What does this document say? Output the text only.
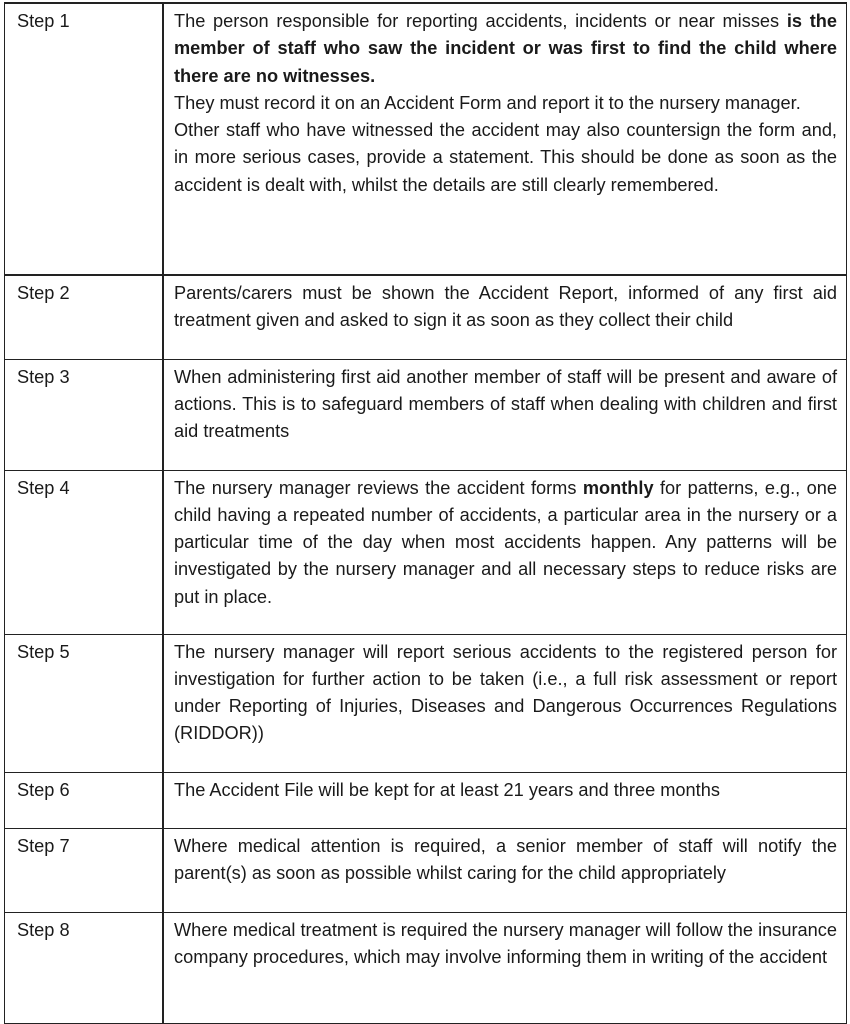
Step 1	The person responsible for reporting accidents, incidents or near misses is the member of staff who saw the incident or was first to find the child where there are no witnesses.

They must record it on an Accident Form and report it to the nursery manager.

Other staff who have witnessed the accident may also countersign the form and, in more serious cases, provide a statement. This should be done as soon as the accident is dealt with, whilst the details are still clearly remembered.

Step 2	Parents/carers must be shown the Accident Report, informed of any first aid treatment given and asked to sign it as soon as they collect their child
Step 3	When administering first aid another member of staff will be present and aware of actions. This is to safeguard members of staff when dealing with children and first aid treatments
Step 4	The nursery manager reviews the accident forms monthly for patterns, e.g., one child having a repeated number of accidents, a particular area in the nursery or a particular time of the day when most accidents happen. Any patterns will be investigated by the nursery manager and all necessary steps to reduce risks are put in place.
Step 5	The nursery manager will report serious accidents to the registered person for investigation for further action to be taken (i.e., a full risk assessment or report under Reporting of Injuries, Diseases and Dangerous Occurrences Regulations (RIDDOR))
Step 6	The Accident File will be kept for at least 21 years and three months
Step 7	Where medical attention is required, a senior member of staff will notify the parent(s) as soon as possible whilst caring for the child appropriately
Step 8	Where medical treatment is required the nursery manager will follow the insurance company procedures, which may involve informing them in writing of the accident
